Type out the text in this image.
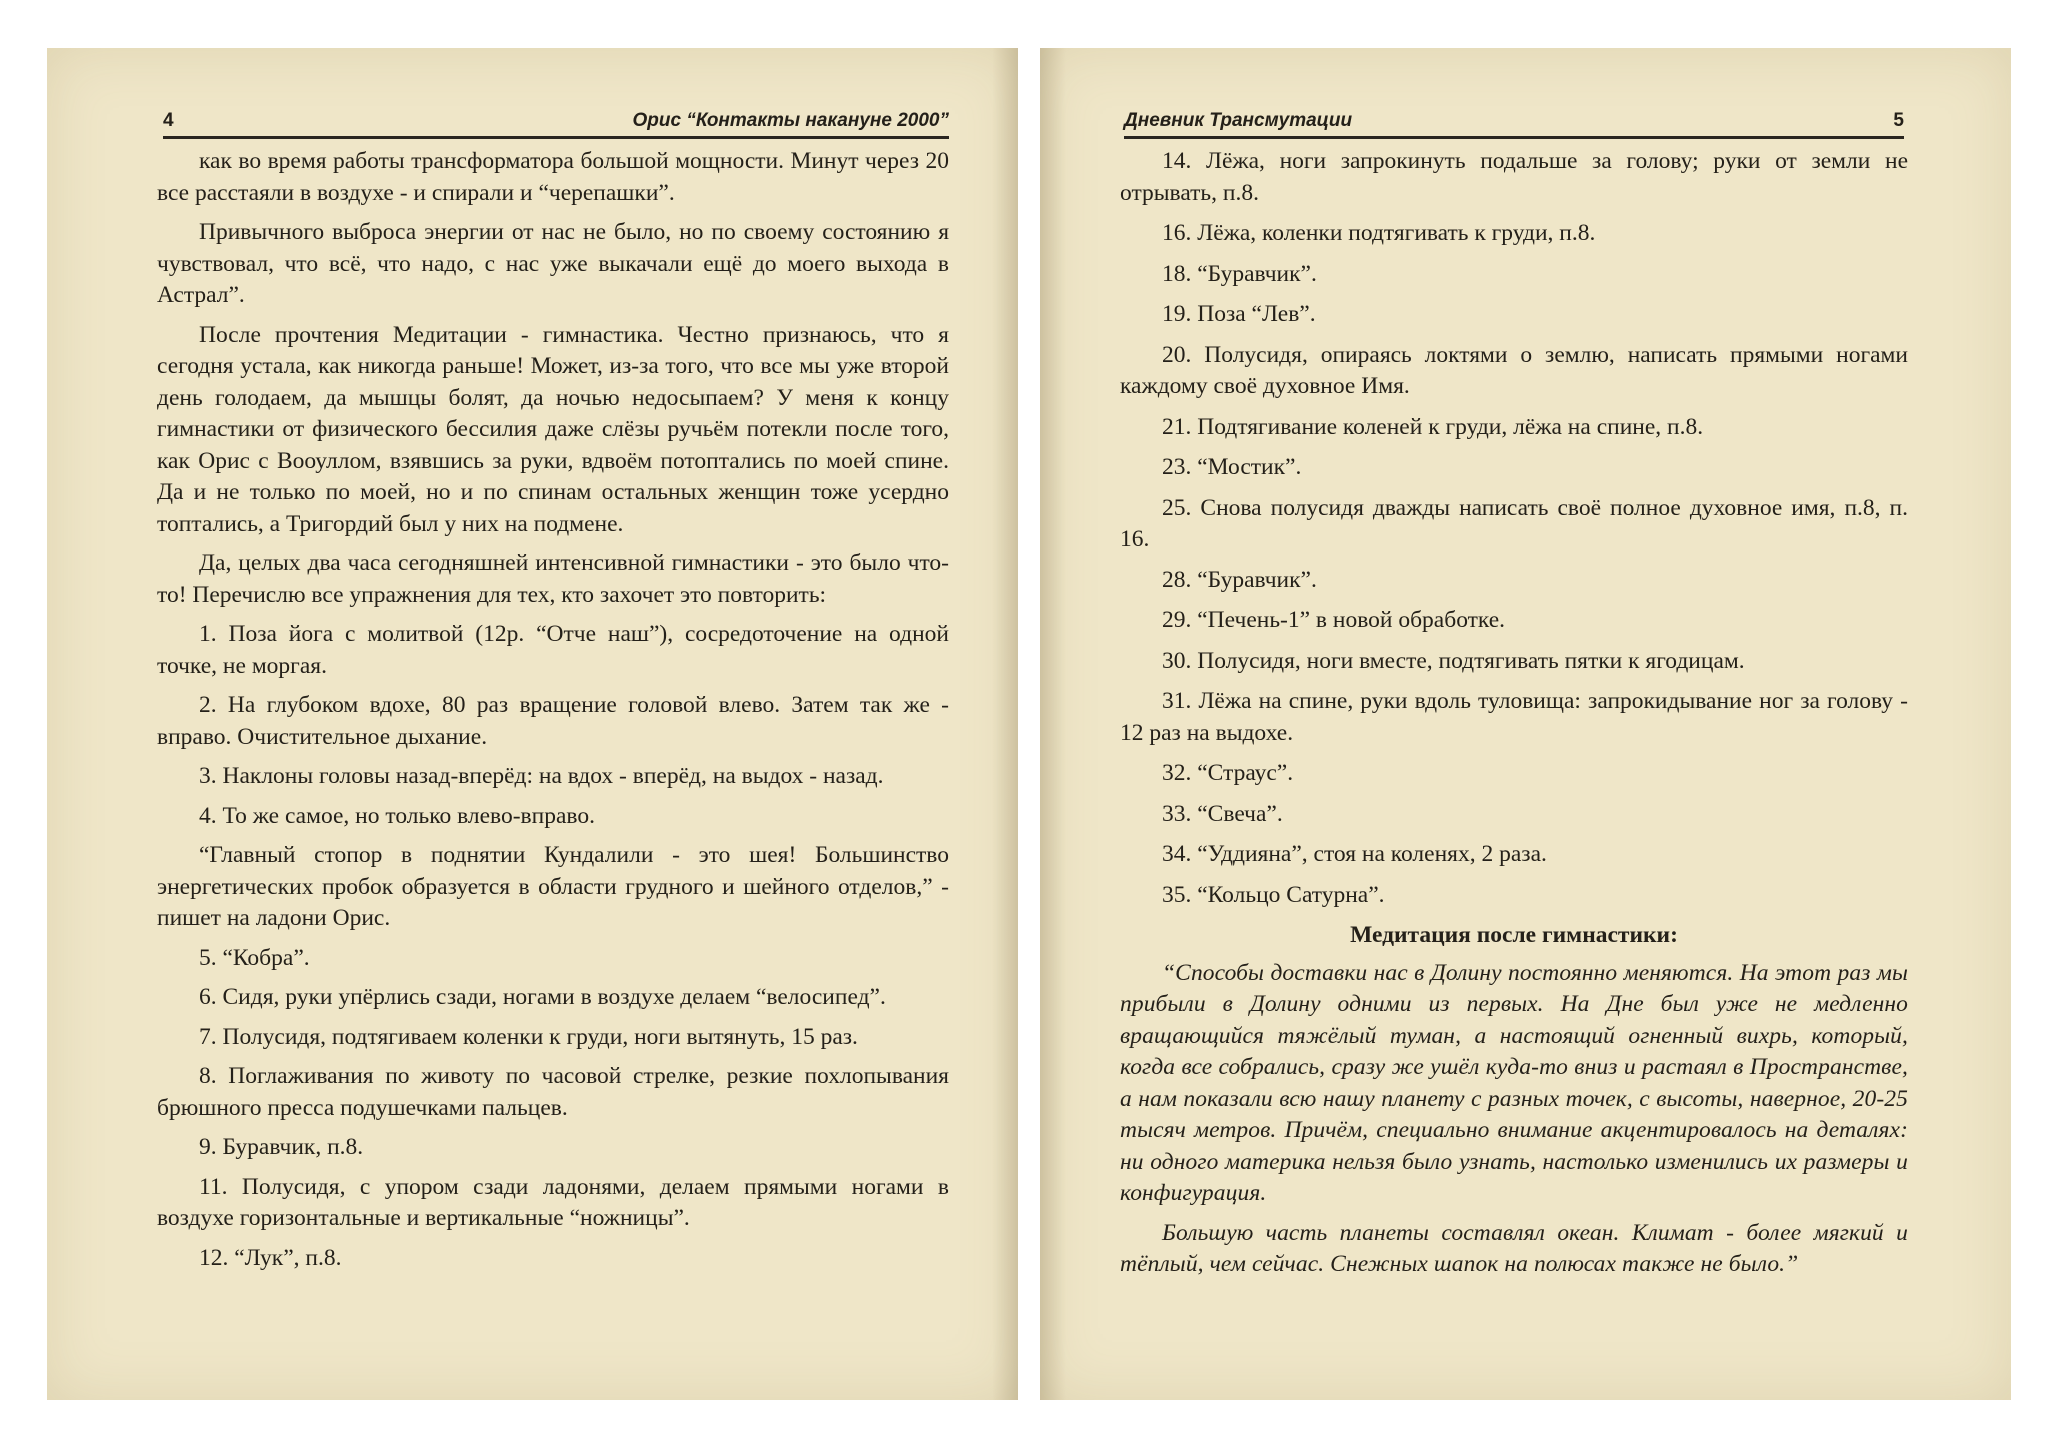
4	Орис “Контакты накануне 2000”

как во время работы трансформатора большой мощности. Минут через 20 все расстаяли в воздухе - и спирали и “черепашки”.

Привычного выброса энергии от нас не было, но по своему состоянию я чувствовал, что всё, что надо, с нас уже выкачали ещё до моего выхода в Астрал”.

После прочтения Медитации - гимнастика. Честно признаюсь, что я сегодня устала, как никогда раньше! Может, из-за того, что все мы уже второй день голодаем, да мышцы болят, да ночью недосыпаем? У меня к концу гимнастики от физического бессилия даже слёзы ручьём потекли после того, как Орис с Вооуллом, взявшись за руки, вдвоём потоптались по моей спине. Да и не только по моей, но и по спинам остальных женщин тоже усердно топтались, а Тригордий был у них на подмене.

Да, целых два часа сегодняшней интенсивной гимнастики - это было что-то! Перечислю все упражнения для тех, кто захочет это повторить:

1. Поза йога с молитвой (12р. “Отче наш”), сосредоточение на одной точке, не моргая.

2. На глубоком вдохе, 80 раз вращение головой влево. Затем так же - вправо. Очистительное дыхание.

3. Наклоны головы назад-вперёд: на вдох - вперёд, на выдох - назад.

4. То же самое, но только влево-вправо.

“Главный стопор в поднятии Кундалили - это шея! Большинство энергетических пробок образуется в области грудного и шейного отделов,” - пишет на ладони Орис.

5. “Кобра”.

6. Сидя, руки упёрлись сзади, ногами в воздухе делаем “велосипед”.

7. Полусидя, подтягиваем коленки к груди, ноги вытянуть, 15 раз.

8. Поглаживания по животу по часовой стрелке, резкие похлопывания брюшного пресса подушечками пальцев.

9. Буравчик, п.8.

11. Полусидя, с упором сзади ладонями, делаем прямыми ногами в воздухе горизонтальные и вертикальные “ножницы”.

12. “Лук”, п.8.

Дневник Трансмутации	5

14. Лёжа, ноги запрокинуть подальше за голову; руки от земли не отрывать, п.8.

16. Лёжа, коленки подтягивать к груди, п.8.

18. “Буравчик”.

19. Поза “Лев”.

20. Полусидя, опираясь локтями о землю, написать прямыми ногами каждому своё духовное Имя.

21. Подтягивание коленей к груди, лёжа на спине, п.8.

23. “Мостик”.

25. Снова полусидя дважды написать своё полное духовное имя, п.8, п. 16.

28. “Буравчик”.

29. “Печень-1” в новой обработке.

30. Полусидя, ноги вместе, подтягивать пятки к ягодицам.

31. Лёжа на спине, руки вдоль туловища: запрокидывание ног за голову - 12 раз на выдохе.

32. “Страус”.

33. “Свеча”.

34. “Уддияна”, стоя на коленях, 2 раза.

35. “Кольцо Сатурна”.

Медитация после гимнастики:

“Способы доставки нас в Долину постоянно меняются. На этот раз мы прибыли в Долину одними из первых. На Дне был уже не медленно вращающийся тяжёлый туман, а настоящий огненный вихрь, который, когда все собрались, сразу же ушёл куда-то вниз и растаял в Пространстве, а нам показали всю нашу планету с разных точек, с высоты, наверное, 20-25 тысяч метров. Причём, специально внимание акцентировалось на деталях: ни одного материка нельзя было узнать, настолько изменились их размеры и конфигурация.

Большую часть планеты составлял океан. Климат - более мягкий и тёплый, чем сейчас. Снежных шапок на полюсах также не было.”
